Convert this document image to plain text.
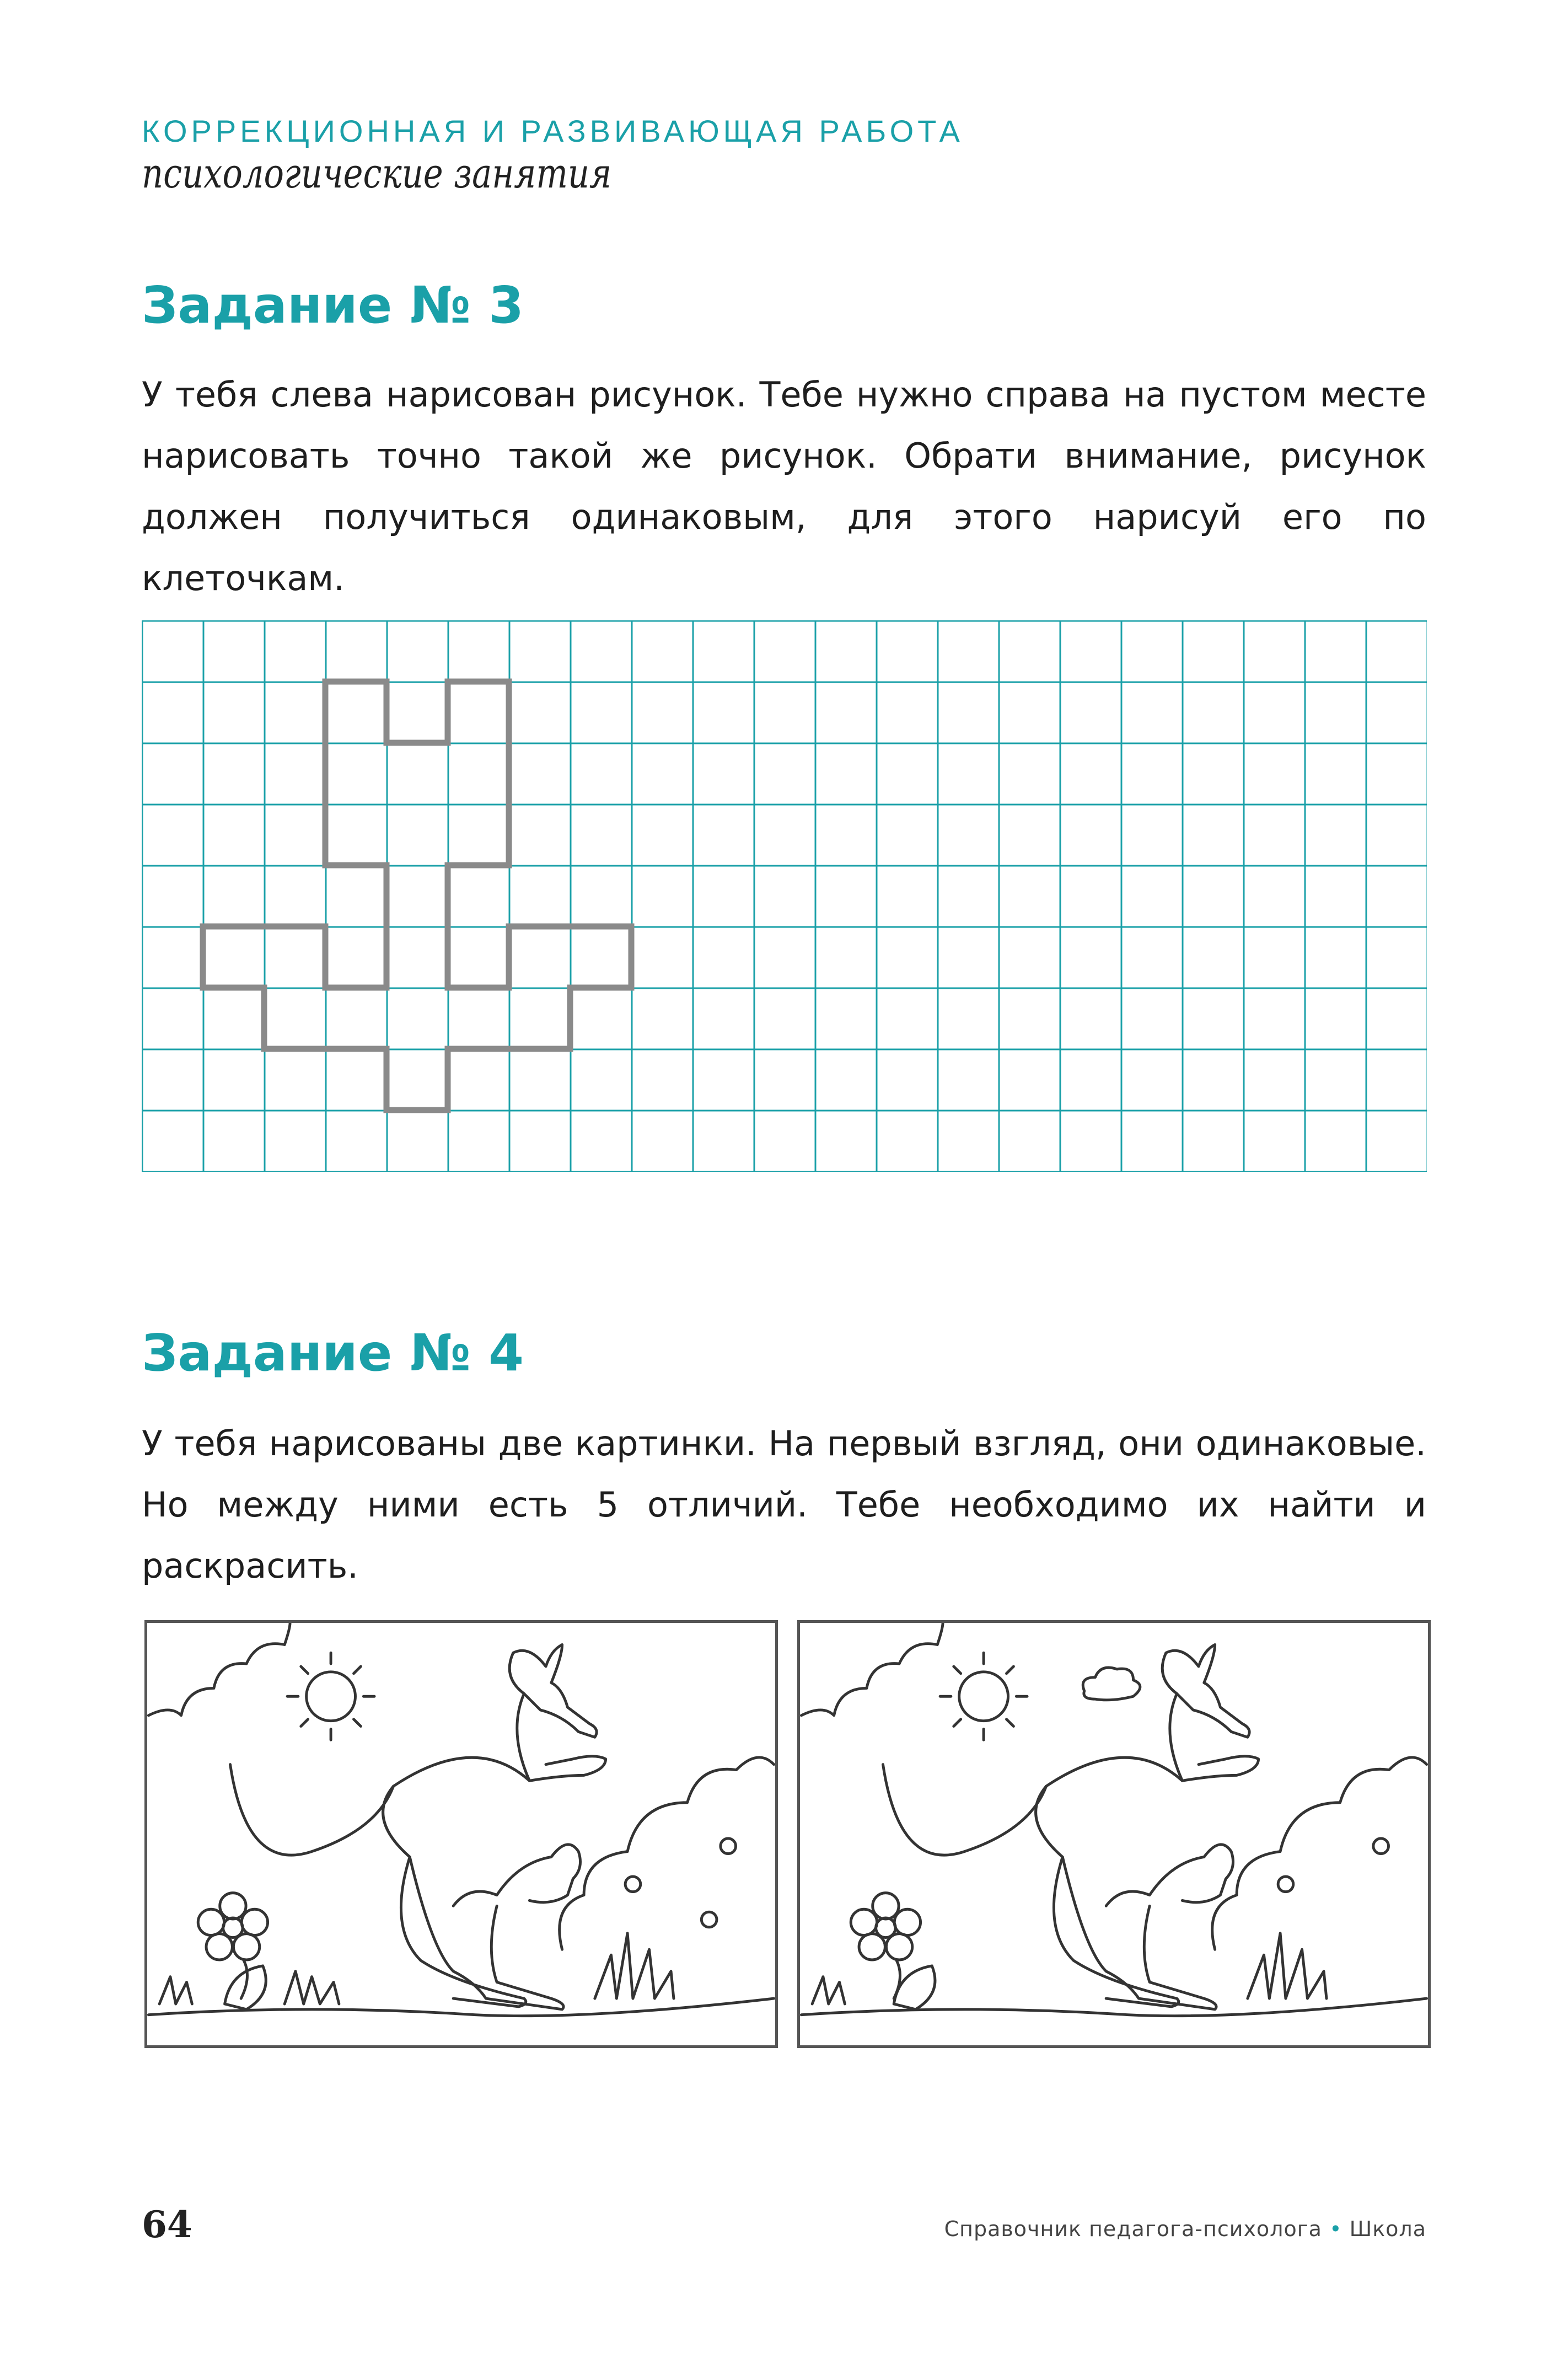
КОРРЕКЦИОННАЯ И РАЗВИВАЮЩАЯ РАБОТА
психологические занятия
Задание № 3
У тебя слева нарисован рисунок. Тебе нужно справа на пустом месте нарисовать точно такой же рисунок. Обрати внимание, рисунок должен получиться одинаковым, для этого нарисуй его по клеточкам.
Задание № 4
У тебя нарисованы две картинки. На первый взгляд, они одинаковые. Но между ними есть 5 отличий. Тебе необходимо их найти и раскрасить.
64	Справочник педагога-психолога • Школа
